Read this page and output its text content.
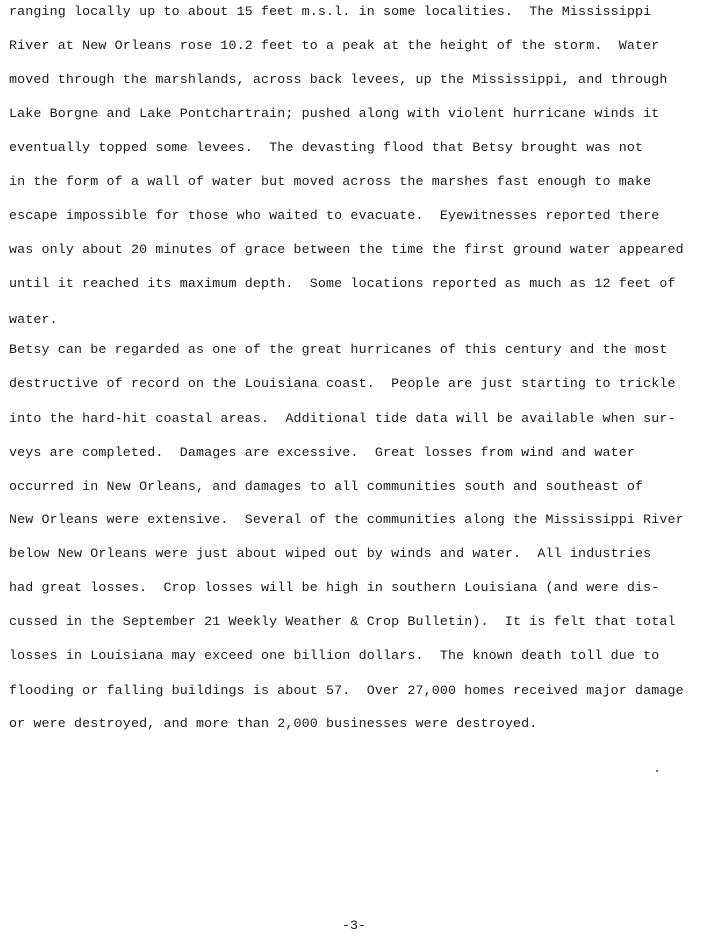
ranging locally up to about 15 feet m.s.l. in some localities.  The Mississippi
River at New Orleans rose 10.2 feet to a peak at the height of the storm.  Water
moved through the marshlands, across back levees, up the Mississippi, and through
Lake Borgne and Lake Pontchartrain; pushed along with violent hurricane winds it
eventually topped some levees.  The devasting flood that Betsy brought was not
in the form of a wall of water but moved across the marshes fast enough to make
escape impossible for those who waited to evacuate.  Eyewitnesses reported there
was only about 20 minutes of grace between the time the first ground water appeared
until it reached its maximum depth.  Some locations reported as much as 12 feet of
water.
Betsy can be regarded as one of the great hurricanes of this century and the most
destructive of record on the Louisiana coast.  People are just starting to trickle
into the hard-hit coastal areas.  Additional tide data will be available when sur-
veys are completed.  Damages are excessive.  Great losses from wind and water
occurred in New Orleans, and damages to all communities south and southeast of
New Orleans were extensive.  Several of the communities along the Mississippi River
below New Orleans were just about wiped out by winds and water.  All industries
had great losses.  Crop losses will be high in southern Louisiana (and were dis-
cussed in the September 21 Weekly Weather & Crop Bulletin).  It is felt that total
losses in Louisiana may exceed one billion dollars.  The known death toll due to
flooding or falling buildings is about 57.  Over 27,000 homes received major damage
or were destroyed, and more than 2,000 businesses were destroyed.
-3-
